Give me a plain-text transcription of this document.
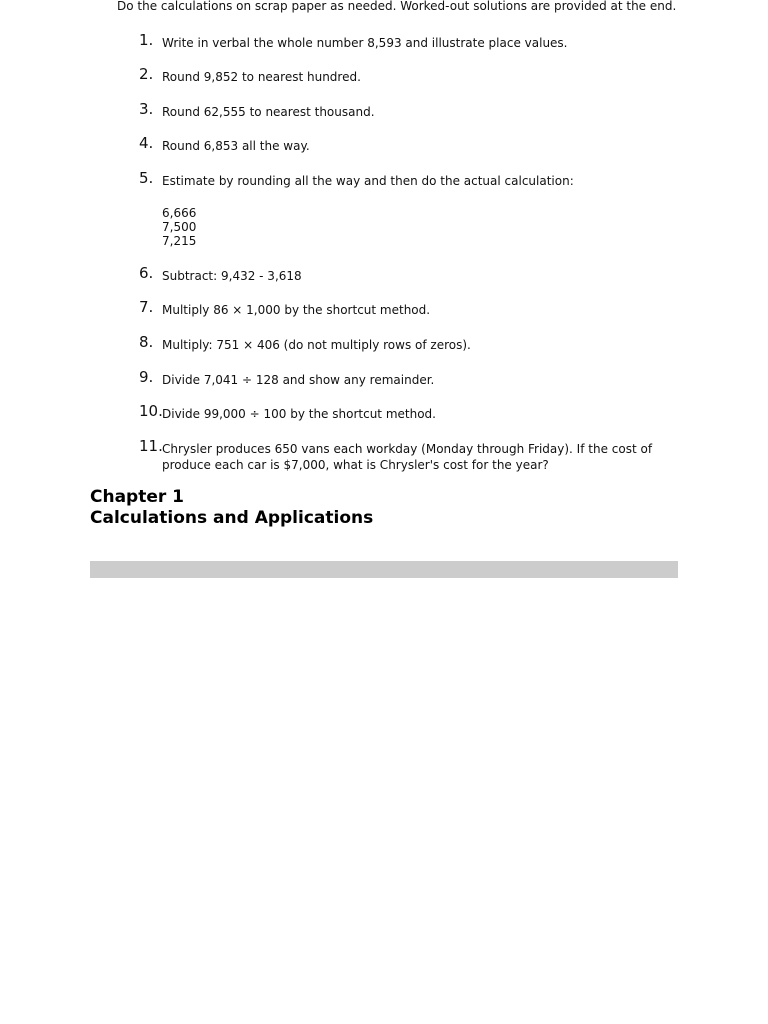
Do the calculations on scrap paper as needed. Worked-out solutions are provided at the end.
1. Write in verbal the whole number 8,593 and illustrate place values.
2. Round 9,852 to nearest hundred.
3. Round 62,555 to nearest thousand.
4. Round 6,853 all the way.
5. Estimate by rounding all the way and then do the actual calculation:
6,666
7,500
7,215
6. Subtract: 9,432 - 3,618
7. Multiply 86 × 1,000 by the shortcut method.
8. Multiply: 751 × 406 (do not multiply rows of zeros).
9. Divide 7,041 ÷ 128 and show any remainder.
10. Divide 99,000 ÷ 100 by the shortcut method.
11. Chrysler produces 650 vans each workday (Monday through Friday). If the cost of produce each car is $7,000, what is Chrysler's cost for the year?
Chapter 1
Calculations and Applications
